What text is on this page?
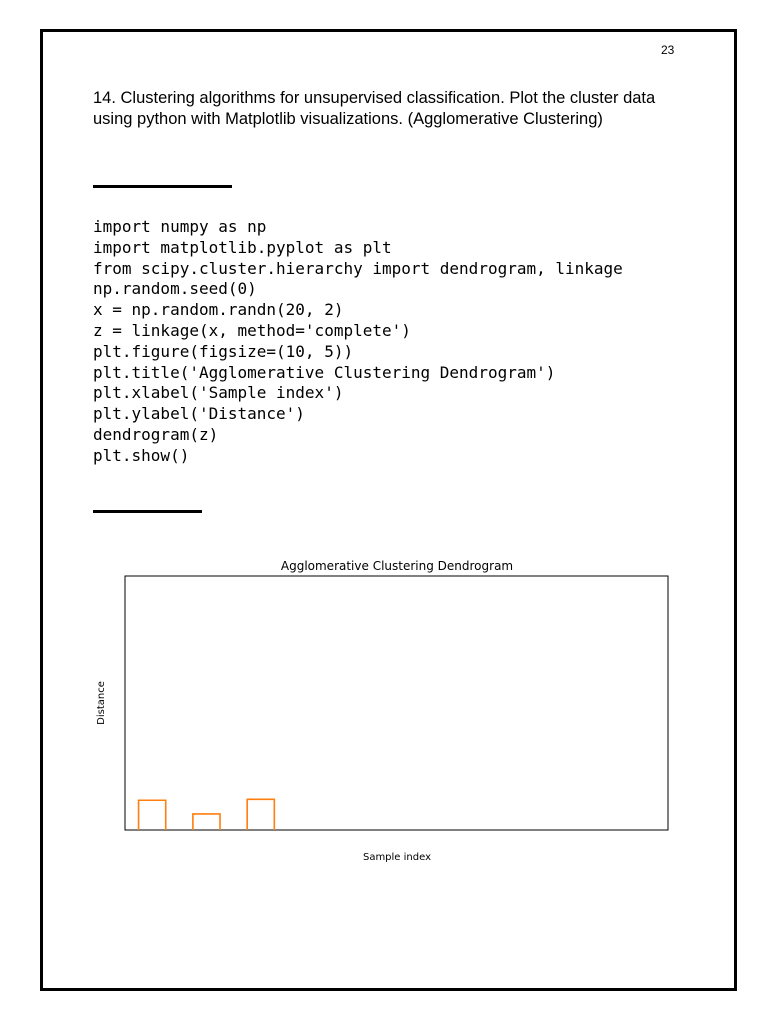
23
14. Clustering algorithms for unsupervised classification. Plot the cluster data
using python with Matplotlib visualizations. (Agglomerative Clustering)
import numpy as np
import matplotlib.pyplot as plt
from scipy.cluster.hierarchy import dendrogram, linkage
np.random.seed(0)
x = np.random.randn(20, 2)
z = linkage(x, method='complete')
plt.figure(figsize=(10, 5))
plt.title('Agglomerative Clustering Dendrogram')
plt.xlabel('Sample index')
plt.ylabel('Distance')
dendrogram(z)
plt.show()
Agglomerative Clustering Dendrogram
Sample index
Distance
